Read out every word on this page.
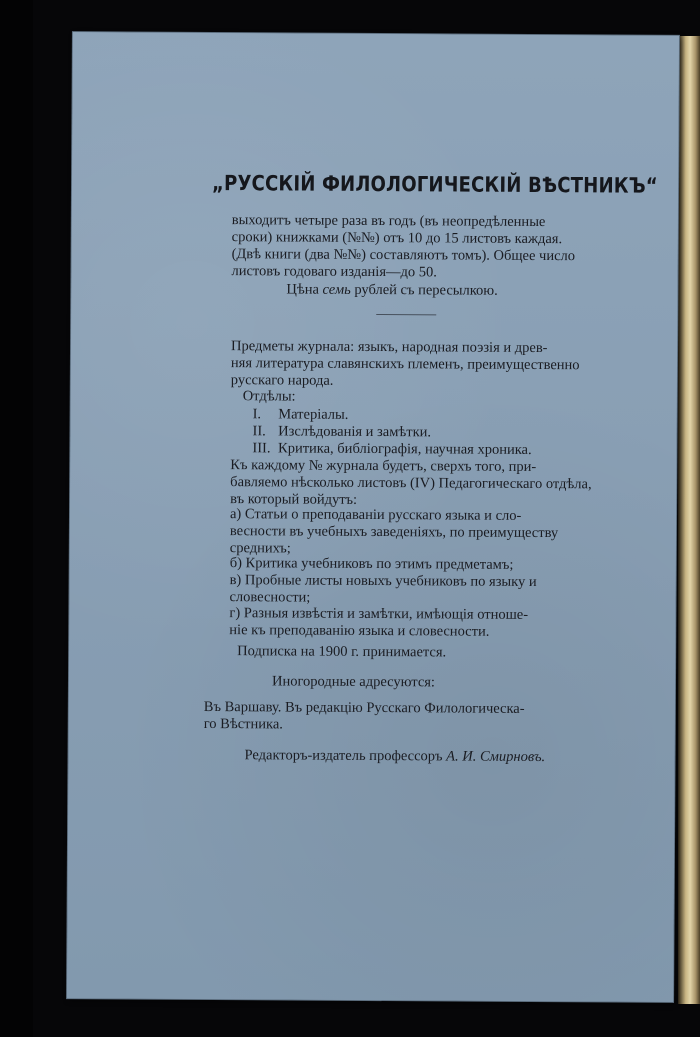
„РУССКІЙ ФИЛОЛОГИЧЕСКІЙ ВѢСТНИКЪ“
выходитъ четыре раза въ годъ (въ неопредѣленные
сроки) книжками (№№) отъ 10 до 15 листовъ каждая.
(Двѣ книги (два №№) составляютъ томъ). Общее число
листовъ годоваго изданія—до 50.
Цѣна семь рублей съ пересылкою.
Предметы журнала: языкъ, народная поэзія и древ-
няя литература славянскихъ племенъ, преимущественно
русскаго народа.
Отдѣлы:
I. Матеріалы.
II. Изслѣдованія и замѣтки.
III. Критика, библіографія, научная хроника.
Къ каждому № журнала будетъ, сверхъ того, при-
бавляемо нѣсколько листовъ (IV) Педагогическаго отдѣла,
въ который войдутъ:
а) Статьи о преподаваніи русскаго языка и сло-
весности въ учебныхъ заведеніяхъ, по преимуществу
среднихъ;
б) Критика учебниковъ по этимъ предметамъ;
в) Пробные листы новыхъ учебниковъ по языку и
словесности;
г) Разныя извѣстія и замѣтки, имѣющія отноше-
ніе къ преподаванію языка и словесности.
Подписка на 1900 г. принимается.
Иногородные адресуются:
Въ Варшаву. Въ редакцію Русскаго Филологическа-
го Вѣстника.
Редакторъ-издатель профессоръ А. И. Смирновъ.
